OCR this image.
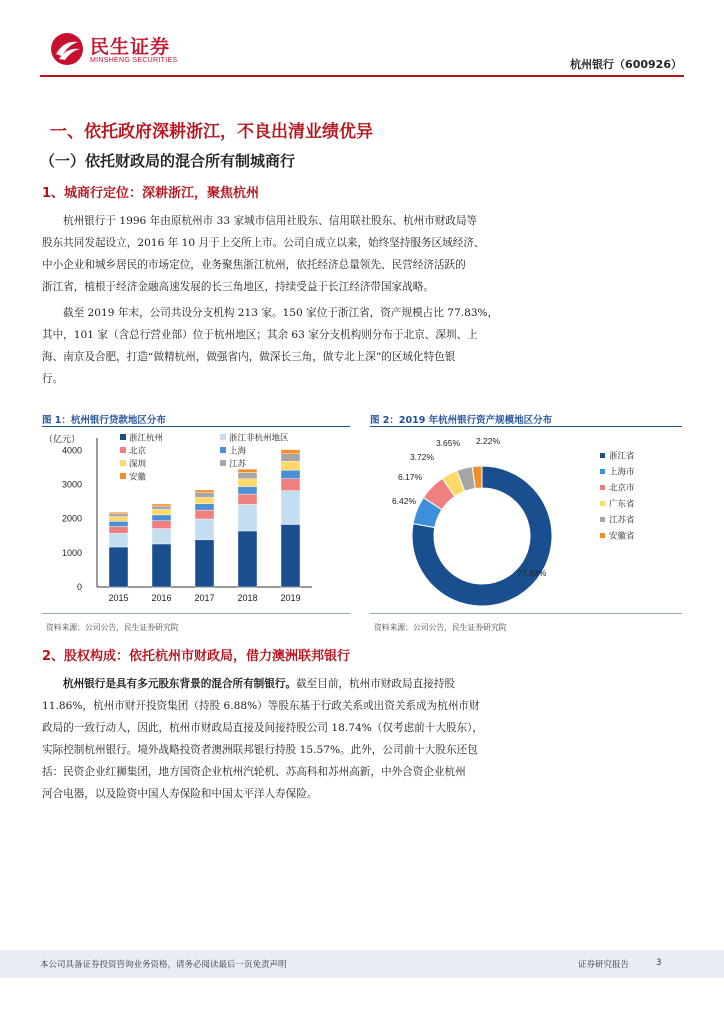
民生证券
MINSHENG SECURITIES	杭州银行（600926）
一、依托政府深耕浙江，不良出清业绩优异
（一）依托财政局的混合所有制城商行
1、城商行定位：深耕浙江，聚焦杭州
杭州银行于 1996 年由原杭州市 33 家城市信用社股东、信用联社股东、杭州市财政局等
股东共同发起设立，2016 年 10 月于上交所上市。公司自成立以来，始终坚持服务区域经济、
中小企业和城乡居民的市场定位，业务聚焦浙江杭州，依托经济总量领先、民营经济活跃的
浙江省，植根于经济金融高速发展的长三角地区，持续受益于长江经济带国家战略。
截至 2019 年末，公司共设分支机构 213 家。150 家位于浙江省，资产规模占比 77.83%，
其中，101 家（含总行营业部）位于杭州地区；其余 63 家分支机构则分布于北京、深圳、上
海、南京及合肥，打造“做精杭州，做强省内，做深长三角，做专北上深”的区域化特色银
行。
图 1：杭州银行贷款地区分布
（亿元）
0
1000
2000
3000
4000
2015	2016	2017	2018	2019
浙江杭州	浙江非杭州地区
北京	上海
深圳	江苏
安徽
资料来源：公司公告，民生证券研究院
图 2：2019 年杭州银行资产规模地区分布
77.83%
6.42%
6.17%
3.72%
3.65% 2.22%
浙江省
上海市
北京市
广东省
江苏省
安徽省
资料来源：公司公告，民生证券研究院
2、股权构成：依托杭州市财政局，借力澳洲联邦银行
杭州银行是具有多元股东背景的混合所有制银行。截至目前，杭州市财政局直接持股
11.86%，杭州市财开投资集团（持股 6.88%）等股东基于行政关系或出资关系成为杭州市财
政局的一致行动人，因此，杭州市财政局直接及间接持股公司 18.74%（仅考虑前十大股东），
实际控制杭州银行。境外战略投资者澳洲联邦银行持股 15.57%。此外，公司前十大股东还包
括：民资企业红狮集团，地方国资企业杭州汽轮机、苏高科和苏州高新，中外合资企业杭州
河合电器，以及险资中国人寿保险和中国太平洋人寿保险。
本公司具备证券投资咨询业务资格，请务必阅读最后一页免责声明	证券研究报告	3
